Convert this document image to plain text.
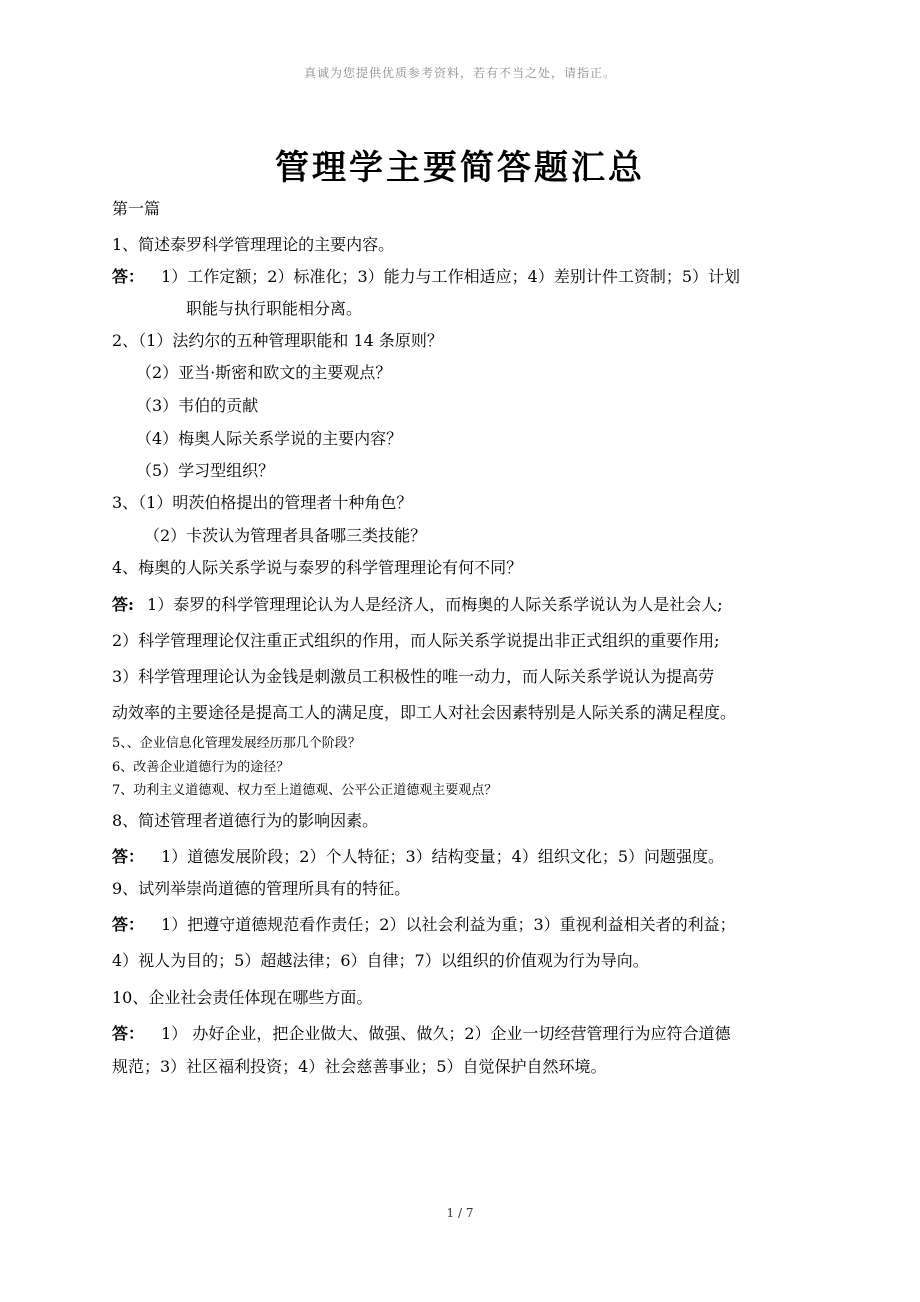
真诚为您提供优质参考资料，若有不当之处，请指正。
管理学主要简答题汇总
第一篇
1、简述泰罗科学管理理论的主要内容。
答： 1）工作定额；2）标准化；3）能力与工作相适应；4）差别计件工资制；5）计划
职能与执行职能相分离。
2、（1）法约尔的五种管理职能和 14 条原则？
（2）亚当·斯密和欧文的主要观点？
（3）韦伯的贡献
（4）梅奥人际关系学说的主要内容？
（5）学习型组织？
3、（1）明茨伯格提出的管理者十种角色？
（2）卡茨认为管理者具备哪三类技能？
4、梅奥的人际关系学说与泰罗的科学管理理论有何不同？
答: 1）泰罗的科学管理理论认为人是经济人，而梅奥的人际关系学说认为人是社会人;
2）科学管理理论仅注重正式组织的作用，而人际关系学说提出非正式组织的重要作用;
3）科学管理理论认为金钱是刺激员工积极性的唯一动力，而人际关系学说认为提高劳
动效率的主要途径是提高工人的满足度，即工人对社会因素特别是人际关系的满足程度。
5、、企业信息化管理发展经历那几个阶段？
6、改善企业道德行为的途径？
7、功利主义道德观、权力至上道德观、公平公正道德观主要观点？
8、简述管理者道德行为的影响因素。
答： 1）道德发展阶段；2）个人特征；3）结构变量；4）组织文化；5）问题强度。
9、试列举崇尚道德的管理所具有的特征。
答： 1）把遵守道德规范看作责任；2）以社会利益为重；3）重视利益相关者的利益；
4）视人为目的；5）超越法律；6）自律；7）以组织的价值观为行为导向。
10、企业社会责任体现在哪些方面。
答： 1） 办好企业，把企业做大、做强、做久；2）企业一切经营管理行为应符合道德
规范；3）社区福利投资；4）社会慈善事业；5）自觉保护自然环境。
1 / 7
